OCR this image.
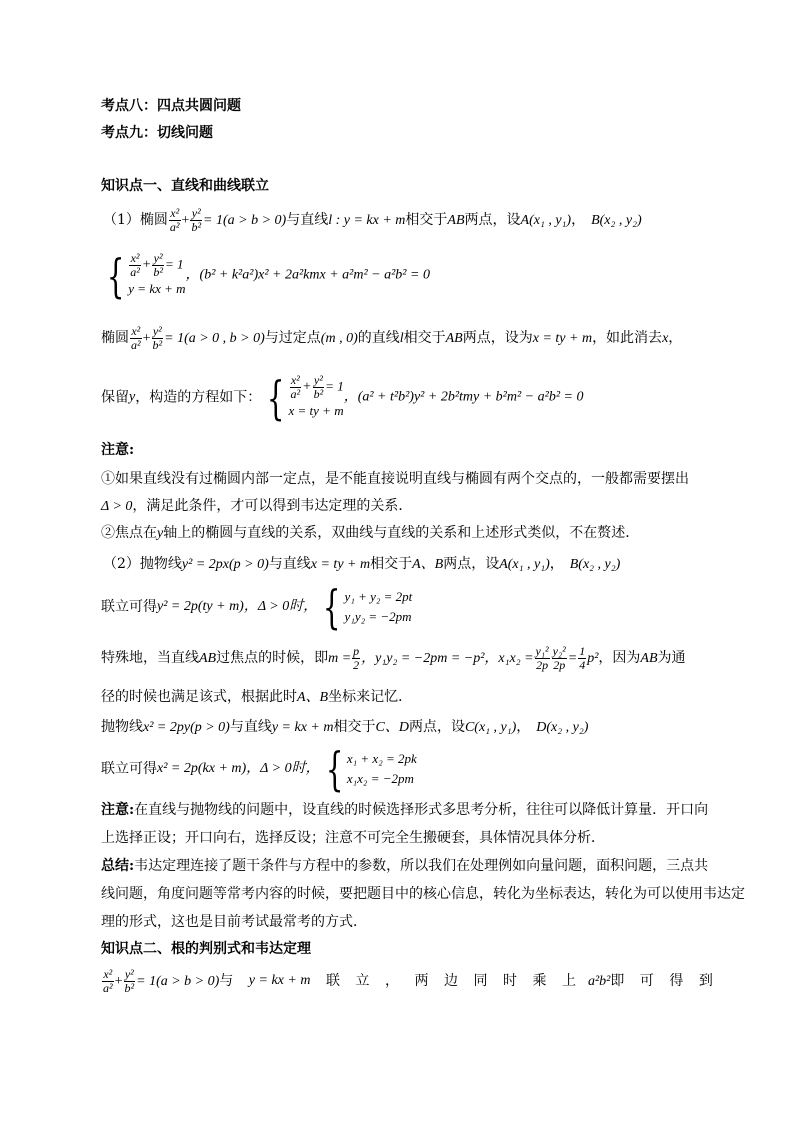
考点八：四点共圆问题
考点九：切线问题
知识点一、直线和曲线联立
（1）椭圆 $\frac{\text{x²}}{\text{a²}} + \frac{\text{y²}}{\text{b²}} = 1(a > b > 0)$与直线l : y = kx + m相交于AB两点，设A(x₁ , y₁)， B(x₂ , y₂)
{ $\frac{\text{x²}}{\text{a²}} + \frac{\text{y²}}{\text{b²}} = 1$
y = kx + m
，(b² + k²a²)x² + 2a²kmx + a²m² − a²b² = 0
椭圆 $\frac{\text{x²}}{\text{a²}} + \frac{\text{y²}}{\text{b²}} = 1(a > 0$ , b > 0)与过定点(m , 0)的直线l相交于AB两点，设为x = ty + m，如此消去x，
保留y，构造的方程如下： { $\frac{\text{x²}}{\text{a²}} + \frac{\text{y²}}{\text{b²}} = 1$
x = ty + m
，(a² + t²b²)y² + 2b²tmy + b²m² − a²b² = 0
注意:
①如果直线没有过椭圆内部一定点，是不能直接说明直线与椭圆有两个交点的，一般都需要摆出
Δ > 0，满足此条件，才可以得到韦达定理的关系．
②焦点在y轴上的椭圆与直线的关系，双曲线与直线的关系和上述形式类似，不在赘述．
（2）抛物线y² = 2px(p > 0)与直线x = ty + m相交于A、B两点，设A(x₁ , y₁)， B(x₂ , y₂)
联立可得y² = 2p(ty + m)，Δ > 0时， { y₁ + y₂ = 2pt
y₁y₂ = −2pm
特殊地，当直线AB过焦点的时候，即$m = \frac{p}{2}$ ，y₁y₂ = −2pm = −p²，$x_1x_2 = \frac{\text{y₁²}}{2p} \frac{\text{y₂²}}{2p} = \frac{1}{4} p^2$，因为AB为通
径的时候也满足该式，根据此时A、B坐标来记忆．
抛物线x² = 2py(p > 0)与直线y = kx + m相交于C、D两点，设C(x₁ , y₁)， D(x₂ , y₂)
联立可得x² = 2p(kx + m)，Δ > 0时， { x₁ + x₂ = 2pk
x₁x₂ = −2pm
注意:在直线与抛物线的问题中，设直线的时候选择形式多思考分析，往往可以降低计算量．开口向
上选择正设；开口向右，选择反设；注意不可完全生搬硬套，具体情况具体分析．
总结:韦达定理连接了题干条件与方程中的参数，所以我们在处理例如向量问题，面积问题，三点共
线问题，角度问题等常考内容的时候，要把题目中的核心信息，转化为坐标表达，转化为可以使用韦达定
理的形式，这也是目前考试最常考的方式．
知识点二、根的判别式和韦达定理
$\frac{\text{x²}}{\text{a²}} + \frac{\text{y²}}{\text{b²}} = 1(a > b > 0)$与 y = kx + m 联 立 ， 两 边 同 时 乘 上 a²b²即 可 得 到
